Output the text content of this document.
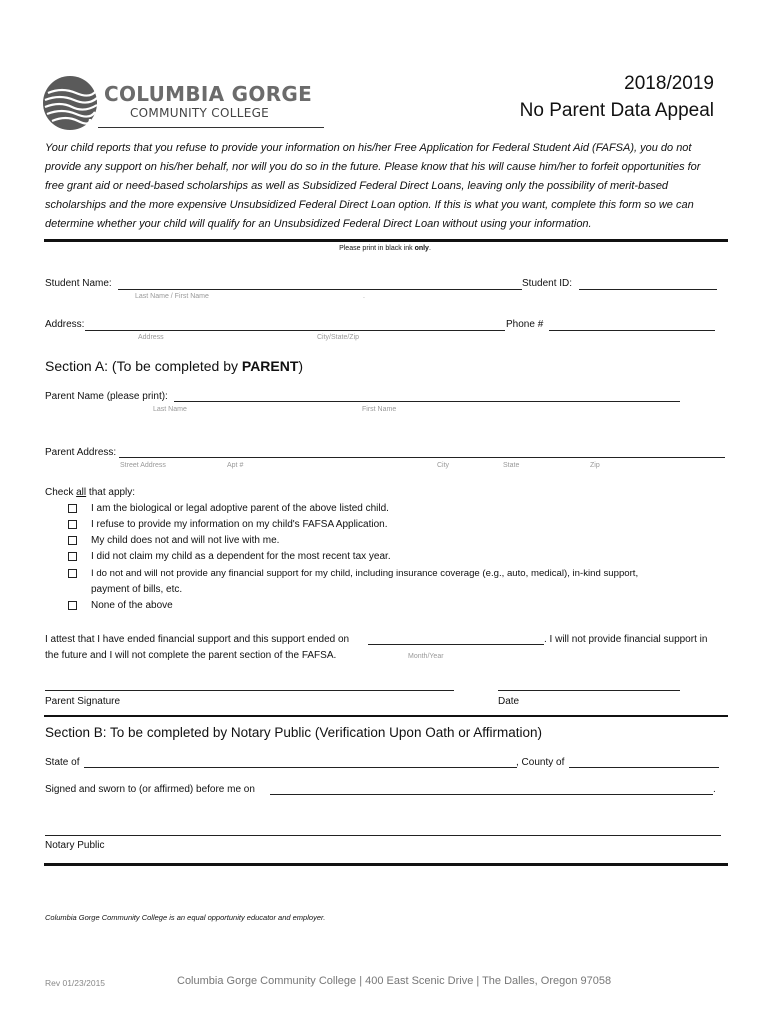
COLUMBIA GORGE
COMMUNITY COLLEGE
2018/2019
No Parent Data Appeal
Your child reports that you refuse to provide your information on his/her Free Application for Federal Student Aid (FAFSA), you do not
provide any support on his/her behalf, nor will you do so in the future. Please know that his will cause him/her to forfeit opportunities for
free grant aid or need-based scholarships as well as Subsidized Federal Direct Loans, leaving only the possibility of merit-based
scholarships and the more expensive Unsubsidized Federal Direct Loan option. If this is what you want, complete this form so we can
determine whether your child will qualify for an Unsubsidized Federal Direct Loan without using your information.
Please print in black ink only.
Student Name:	Student ID:
Last Name / First Name	.
Address:	Phone #
Address	City/State/Zip
Section A: (To be completed by PARENT)
Parent Name (please print):
Last Name	First Name
Parent Address:
Street Address	Apt #	City	State	Zip
Check all that apply:
I am the biological or legal adoptive parent of the above listed child.
I refuse to provide my information on my child's FAFSA Application.
My child does not and will not live with me.
I did not claim my child as a dependent for the most recent tax year.
I do not and will not provide any financial support for my child, including insurance coverage (e.g., auto, medical), in-kind support,
payment of bills, etc.
None of the above
I attest that I have ended financial support and this support ended on	. I will not provide financial support in
the future and I will not complete the parent section of the FAFSA.	Month/Year
Parent Signature	Date
Section B: To be completed by Notary Public (Verification Upon Oath or Affirmation)
State of	, County of
Signed and sworn to (or affirmed) before me on	.
Notary Public
Columbia Gorge Community College is an equal opportunity educator and employer.
Rev 01/23/2015	Columbia Gorge Community College | 400 East Scenic Drive | The Dalles, Oregon 97058
